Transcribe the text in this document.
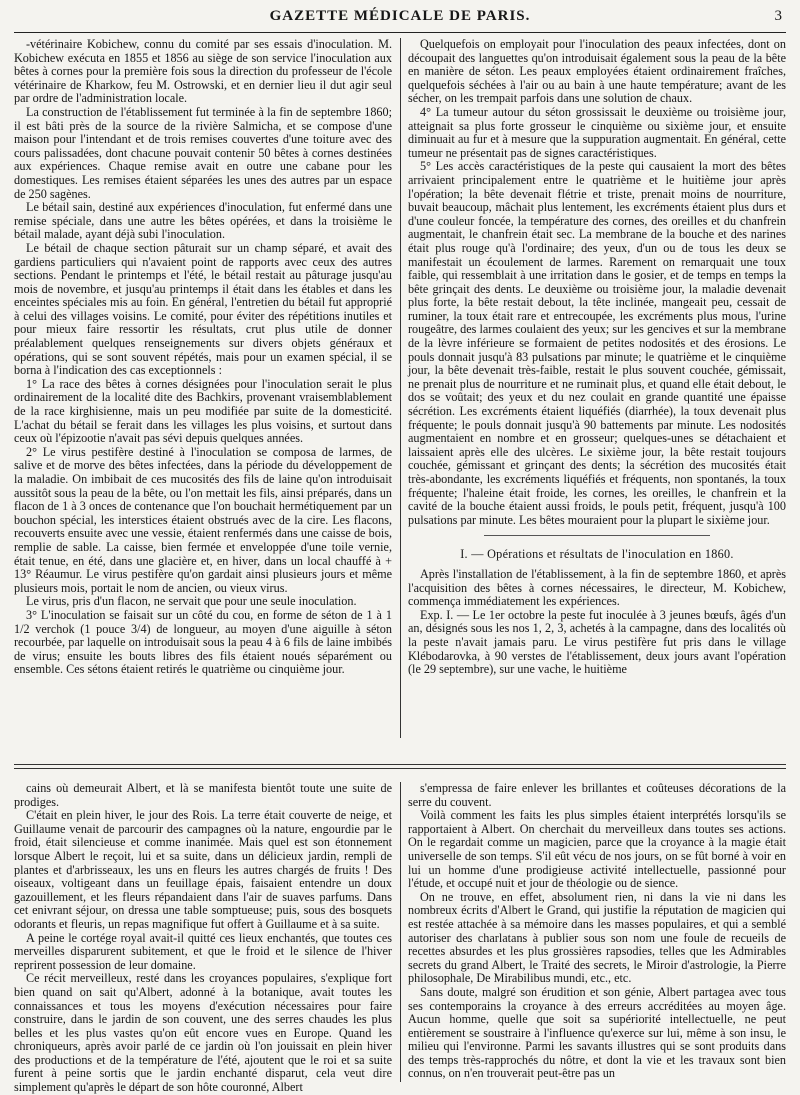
GAZETTE MÉDICALE DE PARIS.	3

-vétérinaire Kobichew, connu du comité par ses essais d'inoculation. M. Kobichew exécuta en 1855 et 1856 au siège de son service l'inoculation aux bêtes à cornes pour la première fois sous la direction du professeur de l'école vétérinaire de Kharkow, feu M. Ostrowski, et en dernier lieu il dut agir seul par ordre de l'administration locale.

La construction de l'établissement fut terminée à la fin de septembre 1860; il est bâti près de la source de la rivière Salmicha, et se compose d'une maison pour l'intendant et de trois remises couvertes d'une toiture avec des cours palissadées, dont chacune pouvait contenir 50 bêtes à cornes destinées aux expériences. Chaque remise avait en outre une cabane pour les domestiques. Les remises étaient séparées les unes des autres par un espace de 250 sagènes.

Le bétail sain, destiné aux expériences d'inoculation, fut enfermé dans une remise spéciale, dans une autre les bêtes opérées, et dans la troisième le bétail malade, ayant déjà subi l'inoculation.

Le bétail de chaque section pâturait sur un champ séparé, et avait des gardiens particuliers qui n'avaient point de rapports avec ceux des autres sections. Pendant le printemps et l'été, le bétail restait au pâturage jusqu'au mois de novembre, et jusqu'au printemps il était dans les étables et dans les enceintes spéciales mis au foin. En général, l'entretien du bétail fut approprié à celui des villages voisins. Le comité, pour éviter des répétitions inutiles et pour mieux faire ressortir les résultats, crut plus utile de donner préalablement quelques renseignements sur divers objets généraux et opérations, qui se sont souvent répétés, mais pour un examen spécial, il se borna à l'indication des cas exceptionnels :

1° La race des bêtes à cornes désignées pour l'inoculation serait le plus ordinairement de la localité dite des Bachkirs, provenant vraisemblablement de la race kirghisienne, mais un peu modifiée par suite de la domesticité. L'achat du bétail se ferait dans les villages les plus voisins, et surtout dans ceux où l'épizootie n'avait pas sévi depuis quelques années.

2° Le virus pestifère destiné à l'inoculation se composa de larmes, de salive et de morve des bêtes infectées, dans la période du développement de la maladie. On imbibait de ces mucosités des fils de laine qu'on introduisait aussitôt sous la peau de la bête, ou l'on mettait les fils, ainsi préparés, dans un flacon de 1 à 3 onces de contenance que l'on bouchait hermétiquement par un bouchon spécial, les interstices étaient obstrués avec de la cire. Les flacons, recouverts ensuite avec une vessie, étaient renfermés dans une caisse de bois, remplie de sable. La caisse, bien fermée et enveloppée d'une toile vernie, était tenue, en été, dans une glacière et, en hiver, dans un local chauffé à + 13° Réaumur. Le virus pestifère qu'on gardait ainsi plusieurs jours et même plusieurs mois, portait le nom de ancien, ou vieux virus.

Le virus, pris d'un flacon, ne servait que pour une seule inoculation.

3° L'inoculation se faisait sur un côté du cou, en forme de séton de 1 à 1 1/2 verchok (1 pouce 3/4) de longueur, au moyen d'une aiguille à séton recourbée, par laquelle on introduisait sous la peau 4 à 6 fils de laine imbibés de virus; ensuite les bouts libres des fils étaient noués séparément ou ensemble. Ces sétons étaient retirés le quatrième ou cinquième jour.

Quelquefois on employait pour l'inoculation des peaux infectées, dont on découpait des languettes qu'on introduisait également sous la peau de la bête en manière de séton. Les peaux employées étaient ordinairement fraîches, quelquefois séchées à l'air ou au bain à une haute température; avant de les sécher, on les trempait parfois dans une solution de chaux.

4° La tumeur autour du séton grossissait le deuxième ou troisième jour, atteignait sa plus forte grosseur le cinquième ou sixième jour, et ensuite diminuait au fur et à mesure que la suppuration augmentait. En général, cette tumeur ne présentait pas de signes caractéristiques.

5° Les accès caractéristiques de la peste qui causaient la mort des bêtes arrivaient principalement entre le quatrième et le huitième jour après l'opération; la bête devenait flétrie et triste, prenait moins de nourriture, buvait beaucoup, mâchait plus lentement, les excréments étaient plus durs et d'une couleur foncée, la température des cornes, des oreilles et du chanfrein augmentait, le chanfrein était sec. La membrane de la bouche et des narines était plus rouge qu'à l'ordinaire; des yeux, d'un ou de tous les deux se manifestait un écoulement de larmes. Rarement on remarquait une toux faible, qui ressemblait à une irritation dans le gosier, et de temps en temps la bête grinçait des dents. Le deuxième ou troisième jour, la maladie devenait plus forte, la bête restait debout, la tête inclinée, mangeait peu, cessait de ruminer, la toux était rare et entrecoupée, les excréments plus mous, l'urine rougeâtre, des larmes coulaient des yeux; sur les gencives et sur la membrane de la lèvre inférieure se formaient de petites nodosités et des érosions. Le pouls donnait jusqu'à 83 pulsations par minute; le quatrième et le cinquième jour, la bête devenait très-faible, restait le plus souvent couchée, gémissait, ne prenait plus de nourriture et ne ruminait plus, et quand elle était debout, le dos se voûtait; des yeux et du nez coulait en grande quantité une épaisse sécrétion. Les excréments étaient liquéfiés (diarrhée), la toux devenait plus fréquente; le pouls donnait jusqu'à 90 battements par minute. Les nodosités augmentaient en nombre et en grosseur; quelques-unes se détachaient et laissaient après elle des ulcères. Le sixième jour, la bête restait toujours couchée, gémissant et grinçant des dents; la sécrétion des mucosités était très-abondante, les excréments liquéfiés et fréquents, non spontanés, la toux fréquente; l'haleine était froide, les cornes, les oreilles, le chanfrein et la cavité de la bouche étaient aussi froids, le pouls petit, fréquent, jusqu'à 100 pulsations par minute. Les bêtes mouraient pour la plupart le sixième jour.

I. — Opérations et résultats de l'inoculation en 1860.

Après l'installation de l'établissement, à la fin de septembre 1860, et après l'acquisition des bêtes à cornes nécessaires, le directeur, M. Kobichew, commença immédiatement les expériences.

Exp. I. — Le 1er octobre la peste fut inoculée à 3 jeunes bœufs, âgés d'un an, désignés sous les nos 1, 2, 3, achetés à la campagne, dans des localités où la peste n'avait jamais paru. Le virus pestifère fut pris dans le village Klébodarovka, à 90 verstes de l'établissement, deux jours avant l'opération (le 29 septembre), sur une vache, le huitième

cains où demeurait Albert, et là se manifesta bientôt toute une suite de prodiges.

C'était en plein hiver, le jour des Rois. La terre était couverte de neige, et Guillaume venait de parcourir des campagnes où la nature, engourdie par le froid, était silencieuse et comme inanimée. Mais quel est son étonnement lorsque Albert le reçoit, lui et sa suite, dans un délicieux jardin, rempli de plantes et d'arbrisseaux, les uns en fleurs les autres chargés de fruits ! Des oiseaux, voltigeant dans un feuillage épais, faisaient entendre un doux gazouillement, et les fleurs répandaient dans l'air de suaves parfums. Dans cet enivrant séjour, on dressa une table somptueuse; puis, sous des bosquets odorants et fleuris, un repas magnifique fut offert à Guillaume et à sa suite.

A peine le cortége royal avait-il quitté ces lieux enchantés, que toutes ces merveilles disparurent subitement, et que le froid et le silence de l'hiver reprirent possession de leur domaine.

Ce récit merveilleux, resté dans les croyances populaires, s'explique fort bien quand on sait qu'Albert, adonné à la botanique, avait toutes les connaissances et tous les moyens d'exécution nécessaires pour faire construire, dans le jardin de son couvent, une des serres chaudes les plus belles et les plus vastes qu'on eût encore vues en Europe. Quand les chroniqueurs, après avoir parlé de ce jardin où l'on jouissait en plein hiver des productions et de la température de l'été, ajoutent que le roi et sa suite furent à peine sortis que le jardin enchanté disparut, cela veut dire simplement qu'après le départ de son hôte couronné, Albert

s'empressa de faire enlever les brillantes et coûteuses décorations de la serre du couvent.

Voilà comment les faits les plus simples étaient interprétés lorsqu'ils se rapportaient à Albert. On cherchait du merveilleux dans toutes ses actions. On le regardait comme un magicien, parce que la croyance à la magie était universelle de son temps. S'il eût vécu de nos jours, on se fût borné à voir en lui un homme d'une prodigieuse activité intellectuelle, passionné pour l'étude, et occupé nuit et jour de théologie ou de sience.

On ne trouve, en effet, absolument rien, ni dans la vie ni dans les nombreux écrits d'Albert le Grand, qui justifie la réputation de magicien qui est restée attachée à sa mémoire dans les masses populaires, et qui a semblé autoriser des charlatans à publier sous son nom une foule de recueils de recettes absurdes et les plus grossières rapsodies, telles que les Admirables secrets du grand Albert, le Traité des secrets, le Miroir d'astrologie, la Pierre philosophale, De Mirabilibus mundi, etc., etc.

Sans doute, malgré son érudition et son génie, Albert partagea avec tous ses contemporains la croyance à des erreurs accréditées au moyen âge. Aucun homme, quelle que soit sa supériorité intellectuelle, ne peut entièrement se soustraire à l'influence qu'exerce sur lui, même à son insu, le milieu qui l'environne. Parmi les savants illustres qui se sont produits dans des temps très-rapprochés du nôtre, et dont la vie et les travaux sont bien connus, on n'en trouverait peut-être pas un
